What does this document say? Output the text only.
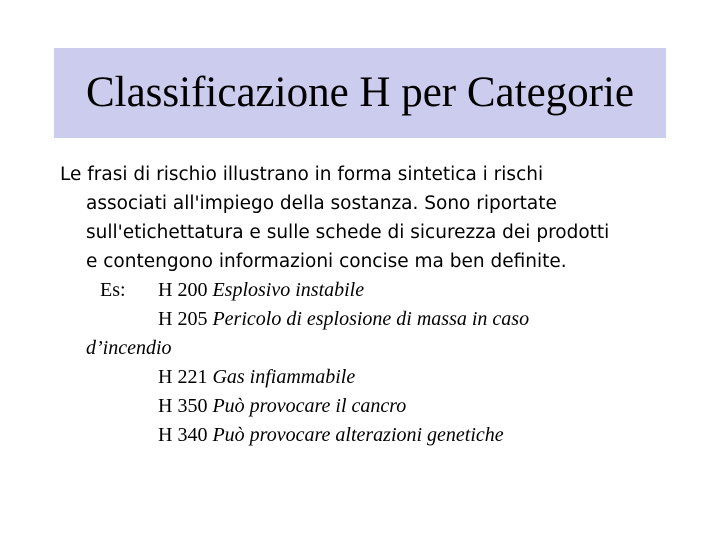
Classificazione H per Categorie
Le frasi di rischio illustrano in forma sintetica i rischi
associati all'impiego della sostanza. Sono riportate
sull'etichettatura e sulle schede di sicurezza dei prodotti
e contengono informazioni concise ma ben definite.
Es: H 200 Esplosivo instabile
H 205 Pericolo di esplosione di massa in caso
d’incendio
H 221 Gas infiammabile
H 350 Può provocare il cancro
H 340 Può provocare alterazioni genetiche
